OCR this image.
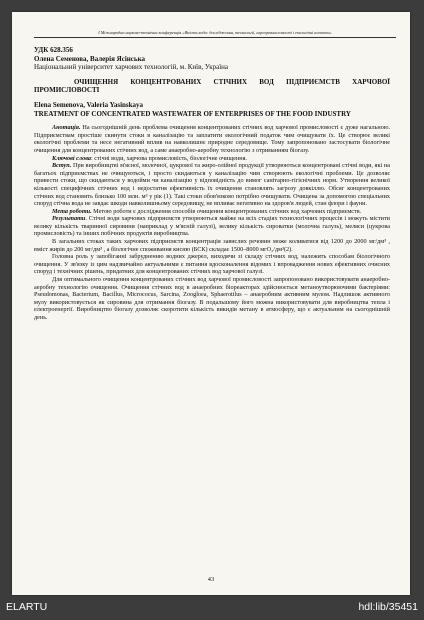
І Міжнародна науково-технічна конференція «Якість води: дослідження, технології, агропромисловості і екологічні аспекти»
УДК 628.356
Олена Семенова, Валерія Ясінська
Національний університет харчових технологій, м. Київ, Україна
ОЧИЩЕННЯ КОНЦЕНТРОВАНИХ СТІЧНИХ ВОД ПІДПРИЄМСТВ ХАРЧОВОЇ ПРОМИСЛОВОСТІ
Elena Semenova, Valeria Yasinskaya
TREATMENT OF CONCENTRATED WASTEWATER OF ENTERPRISES OF THE FOOD INDUSTRY

Анотація. На сьогоднішній день проблема очищення концентрованих стічних вод харчової промисловості є дуже нагальною. Підприємствам простіше скинути стоки в каналізацію та заплатити екологічний податок чим очищувати їх. Це створює великі екологічні проблеми та несе негативний вплив на навколишнє природне середовище. Тому запропоновано застосувати біологічне очищення для концентрованих стічних вод, а саме анаеробно-аеробну технологію з отриманням біогазу.

Ключові слова: стічні води, харчова промисловість, біологічне очищення.

Вступ. При виробництві м'ясної, молочної, цукрової та жиро-олійної продукції утворюються концентровані стічні води, які на багатьох підприємствах не очищуються, і просто скидаються у каналізацію чим створюють екологічні проблеми. Це дозволяє привести стоки, що скидаються у водойми чи каналізацію у відповідність до вимог санітарно-гігієнічних норм. Утворення великої кількості специфічних стічних вод і недостатня ефективність їх очищення становлять загрозу довкіллю. Обсяг концентрованих стічних вод становить близько 100 млн. м³ у рік (1). Такі стоки обов'язково потрібно очищувати. Очищена за допомогою спеціальних споруд стічна вода не завдає шкоди навколишньому середовищу, не впливає негативно на здоров'я людей, стан флори і фауни.

Мета роботи. Метою роботи є дослідження способів очищення концентрованих стічних вод харчових підприємств.

Результати. Стічні води харчових підприємств утворюються майже на всіх стадіях технологічних процесів і можуть містити велику кількість тваринної сировини (наприклад у м'ясній галузі), велику кількість сироватки (молочна галузь), меляси (цукрова промисловість) та інших побічних продуктів виробництва.

В загальних стоках таких харчових підприємств концентрація завислих речовин може коливатися від 1200 до 2000 мг/дм³ , вміст жирів до 200 мг/дм³ , а біологічне споживання кисню (БСК) складає 1500–8000 мгО₂/дм³(2).

Головна роль у запобіганні забрудненню водних джерел, виходячи зі складу стічних вод, належить способам біологічного очищення. У зв'язку із цим надзвичайно актуальними є питання вдосконалення відомих і впровадження нових ефективних очисних споруд і технічних рішень, придатних для концентрованих стічних вод харчової галузі.

Для оптимального очищення концентрованих стічних вод харчової промисловості запропоновано використовувати анаеробно-аеробну технологію очищення. Очищення стічних вод в анаеробних біореакторах здійснюється метаноутворюючими бактеріями: Pseudomonas, Bacterium, Bacillus, Micrococus, Sarcina, Zoogloea, Sphaerotilus – анаеробним активним мулом. Надлишок активного мулу використовується як сировина для отримання біогазу. В подальшому його можна використовувати для виробництва тепла і електроенергії. Виробництво біогазу дозволяє скоротити кількість викидів метану в атмосферу, що є актуальним на сьогоднішній день.

43
ELARTU	hdl:lib/35451
